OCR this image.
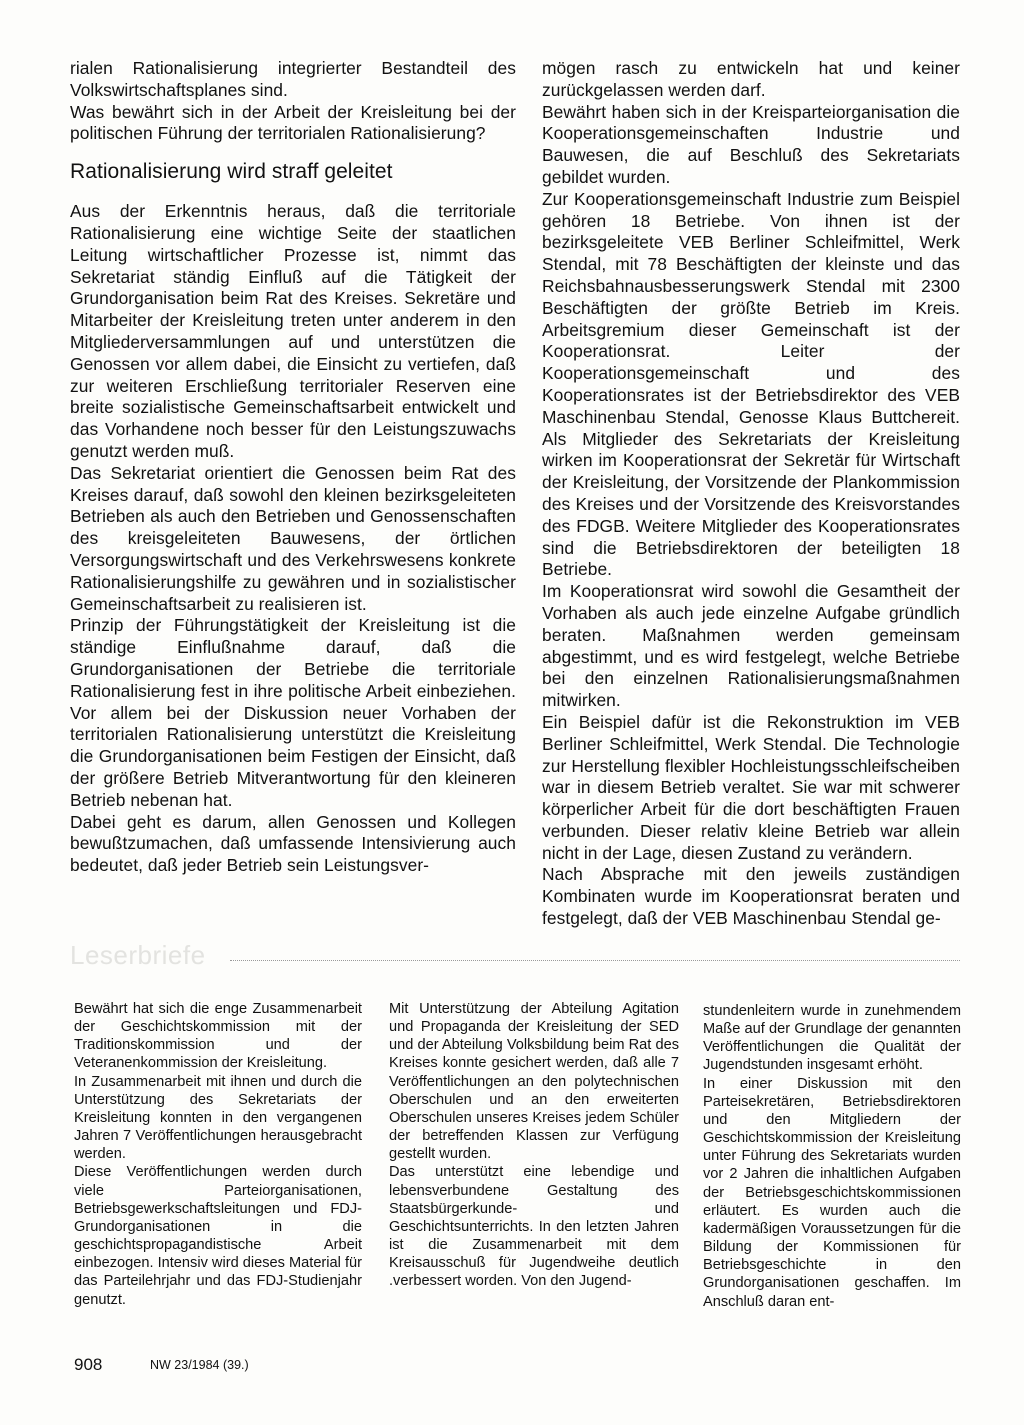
rialen Rationalisierung integrierter Bestandteil des Volkswirtschaftsplanes sind.

Was bewährt sich in der Arbeit der Kreisleitung bei der politischen Führung der territorialen Rationalisierung?

Rationalisierung wird straff geleitet

Aus der Erkenntnis heraus, daß die territoriale Rationalisierung eine wichtige Seite der staatlichen Leitung wirtschaftlicher Prozesse ist, nimmt das Sekretariat ständig Einfluß auf die Tätigkeit der Grundorganisation beim Rat des Kreises. Sekretäre und Mitarbeiter der Kreisleitung treten unter anderem in den Mitgliederversammlungen auf und unterstützen die Genossen vor allem dabei, die Einsicht zu vertiefen, daß zur weiteren Erschließung territorialer Reserven eine breite sozialistische Gemeinschaftsarbeit entwickelt und das Vorhandene noch besser für den Leistungszuwachs genutzt werden muß.

Das Sekretariat orientiert die Genossen beim Rat des Kreises darauf, daß sowohl den kleinen bezirksgeleiteten Betrieben als auch den Betrieben und Genossenschaften des kreisgeleiteten Bauwesens, der örtlichen Versorgungswirtschaft und des Verkehrswesens konkrete Rationalisierungshilfe zu gewähren und in sozialistischer Gemeinschaftsarbeit zu realisieren ist.

Prinzip der Führungstätigkeit der Kreisleitung ist die ständige Einflußnahme darauf, daß die Grundorganisationen der Betriebe die territoriale Rationalisierung fest in ihre politische Arbeit einbeziehen. Vor allem bei der Diskussion neuer Vorhaben der territorialen Rationalisierung unterstützt die Kreisleitung die Grundorganisationen beim Festigen der Einsicht, daß der größere Betrieb Mitverantwortung für den kleineren Betrieb nebenan hat.

Dabei geht es darum, allen Genossen und Kollegen bewußtzumachen, daß umfassende Intensivierung auch bedeutet, daß jeder Betrieb sein Leistungsver-

mögen rasch zu entwickeln hat und keiner zurückgelassen werden darf.

Bewährt haben sich in der Kreisparteiorganisation die Kooperationsgemeinschaften Industrie und Bauwesen, die auf Beschluß des Sekretariats gebildet wurden.

Zur Kooperationsgemeinschaft Industrie zum Beispiel gehören 18 Betriebe. Von ihnen ist der bezirksgeleitete VEB Berliner Schleifmittel, Werk Stendal, mit 78 Beschäftigten der kleinste und das Reichsbahnausbesserungswerk Stendal mit 2300 Beschäftigten der größte Betrieb im Kreis. Arbeitsgremium dieser Gemeinschaft ist der Kooperationsrat. Leiter der Kooperationsgemeinschaft und des Kooperationsrates ist der Betriebsdirektor des VEB Maschinenbau Stendal, Genosse Klaus Buttchereit. Als Mitglieder des Sekretariats der Kreisleitung wirken im Kooperationsrat der Sekretär für Wirtschaft der Kreisleitung, der Vorsitzende der Plankommission des Kreises und der Vorsitzende des Kreisvorstandes des FDGB. Weitere Mitglieder des Kooperationsrates sind die Betriebsdirektoren der beteiligten 18 Betriebe.

Im Kooperationsrat wird sowohl die Gesamtheit der Vorhaben als auch jede einzelne Aufgabe gründlich beraten. Maßnahmen werden gemeinsam abgestimmt, und es wird festgelegt, welche Betriebe bei den einzelnen Rationalisierungsmaßnahmen mitwirken.

Ein Beispiel dafür ist die Rekonstruktion im VEB Berliner Schleifmittel, Werk Stendal. Die Technologie zur Herstellung flexibler Hochleistungsschleifscheiben war in diesem Betrieb veraltet. Sie war mit schwerer körperlicher Arbeit für die dort beschäftigten Frauen verbunden. Dieser relativ kleine Betrieb war allein nicht in der Lage, diesen Zustand zu verändern.

Nach Absprache mit den jeweils zuständigen Kombinaten wurde im Kooperationsrat beraten und festgelegt, daß der VEB Maschinenbau Stendal ge-

Leserbriefe

Bewährt hat sich die enge Zusammenarbeit der Geschichtskommission mit der Traditionskommission und der Veteranenkommission der Kreisleitung.

In Zusammenarbeit mit ihnen und durch die Unterstützung des Sekretariats der Kreisleitung konnten in den vergangenen Jahren 7 Veröffentlichungen herausgebracht werden.

Diese Veröffentlichungen werden durch viele Parteiorganisationen, Betriebsgewerkschaftsleitungen und FDJ-Grundorganisationen in die geschichtspropagandistische Arbeit einbezogen. Intensiv wird dieses Material für das Parteilehrjahr und das FDJ-Studienjahr genutzt.

Mit Unterstützung der Abteilung Agitation und Propaganda der Kreisleitung der SED und der Abteilung Volksbildung beim Rat des Kreises konnte gesichert werden, daß alle 7 Veröffentlichungen an den polytechnischen Oberschulen und an den erweiterten Oberschulen unseres Kreises jedem Schüler der betreffenden Klassen zur Verfügung gestellt wurden.

Das unterstützt eine lebendige und lebensverbundene Gestaltung des Staatsbürgerkunde- und Geschichtsunterrichts. In den letzten Jahren ist die Zusammenarbeit mit dem Kreisausschuß für Jugendweihe deutlich .verbessert worden. Von den Jugend-

stundenleitern wurde in zunehmendem Maße auf der Grundlage der genannten Veröffentlichungen die Qualität der Jugendstunden insgesamt erhöht.

In einer Diskussion mit den Parteisekretären, Betriebsdirektoren und den Mitgliedern der Geschichtskommission der Kreisleitung unter Führung des Sekretariats wurden vor 2 Jahren die inhaltlichen Aufgaben der Betriebsgeschichtskommissionen erläutert. Es wurden auch die kadermäßigen Voraussetzungen für die Bildung der Kommissionen für Betriebsgeschichte in den Grundorganisationen geschaffen. Im Anschluß daran ent-

908	NW 23/1984 (39.)
